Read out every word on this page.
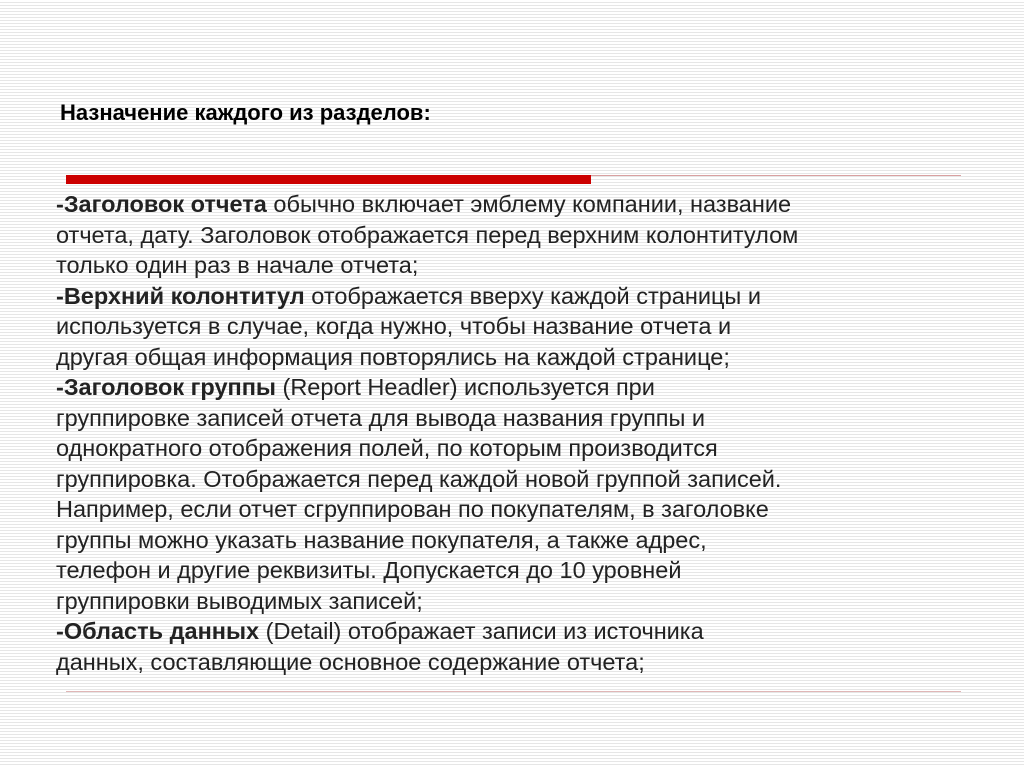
Назначение каждого из разделов:
-Заголовок отчета обычно включает эмблему компании, название
отчета, дату. Заголовок отображается перед верхним колонтитулом
только один раз в начале отчета;
-Верхний колонтитул отображается вверху каждой страницы и
используется в случае, когда нужно, чтобы название отчета и
другая общая информация повторялись на каждой странице;
-Заголовок группы (Report Headler) используется при
группировке записей отчета для вывода названия группы и
однократного отображения полей, по которым производится
группировка. Отображается перед каждой новой группой записей.
Например, если отчет сгруппирован по покупателям, в заголовке
группы можно указать название покупателя, а также адрес,
телефон и другие реквизиты. Допускается до 10 уровней
группировки выводимых записей;
-Область данных (Detail) отображает записи из источника
данных, составляющие основное содержание отчета;
